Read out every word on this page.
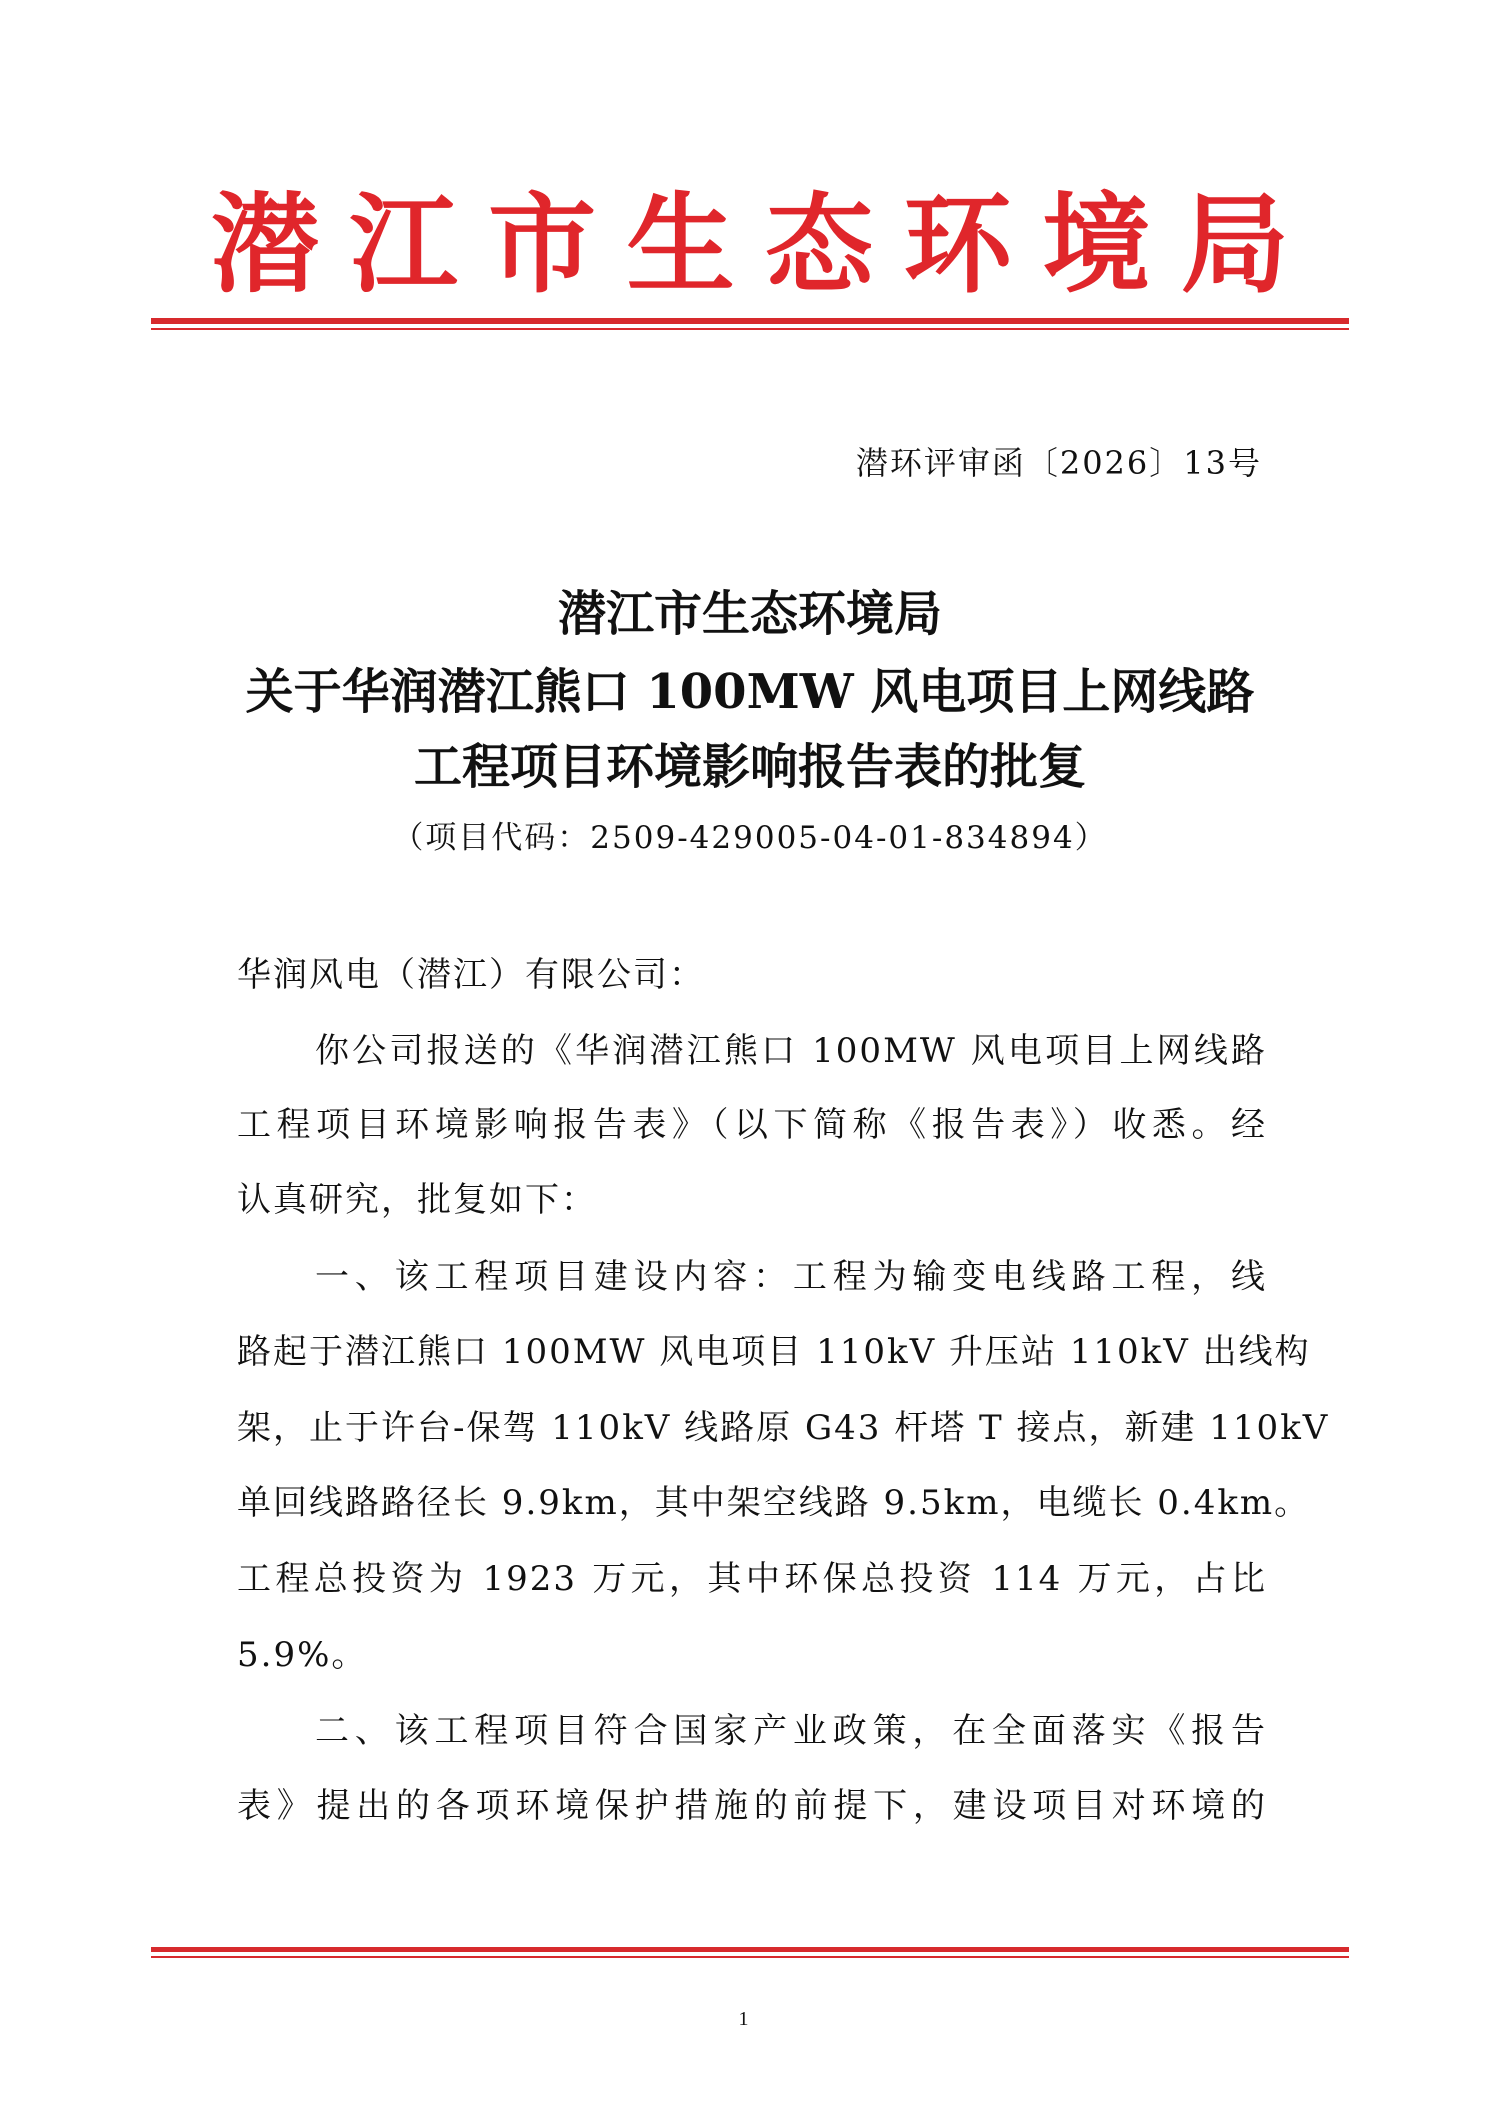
潜 江 市 生 态 环 境 局
潜环评审函〔2026〕13号
潜江市生态环境局
关于华润潜江熊口 100MW 风电项目上网线路
工程项目环境影响报告表的批复
（项目代码：2509-429005-04-01-834894）
华润风电（潜江）有限公司：
你公司报送的《华润潜江熊口 100MW 风电项目上网线路
工程项目环境影响报告表》（以下简称《报告表》）收悉。经
认真研究，批复如下：
一、该工程项目建设内容：工程为输变电线路工程，线
路起于潜江熊口 100MW 风电项目 110kV 升压站 110kV 出线构
架，止于许台-保驾 110kV 线路原 G43 杆塔 T 接点，新建 110kV
单回线路路径长 9.9km，其中架空线路 9.5km，电缆长 0.4km。
工程总投资为 1923 万元，其中环保总投资 114 万元，占比
5.9%。
二、该工程项目符合国家产业政策，在全面落实《报告
表》提出的各项环境保护措施的前提下，建设项目对环境的
1
